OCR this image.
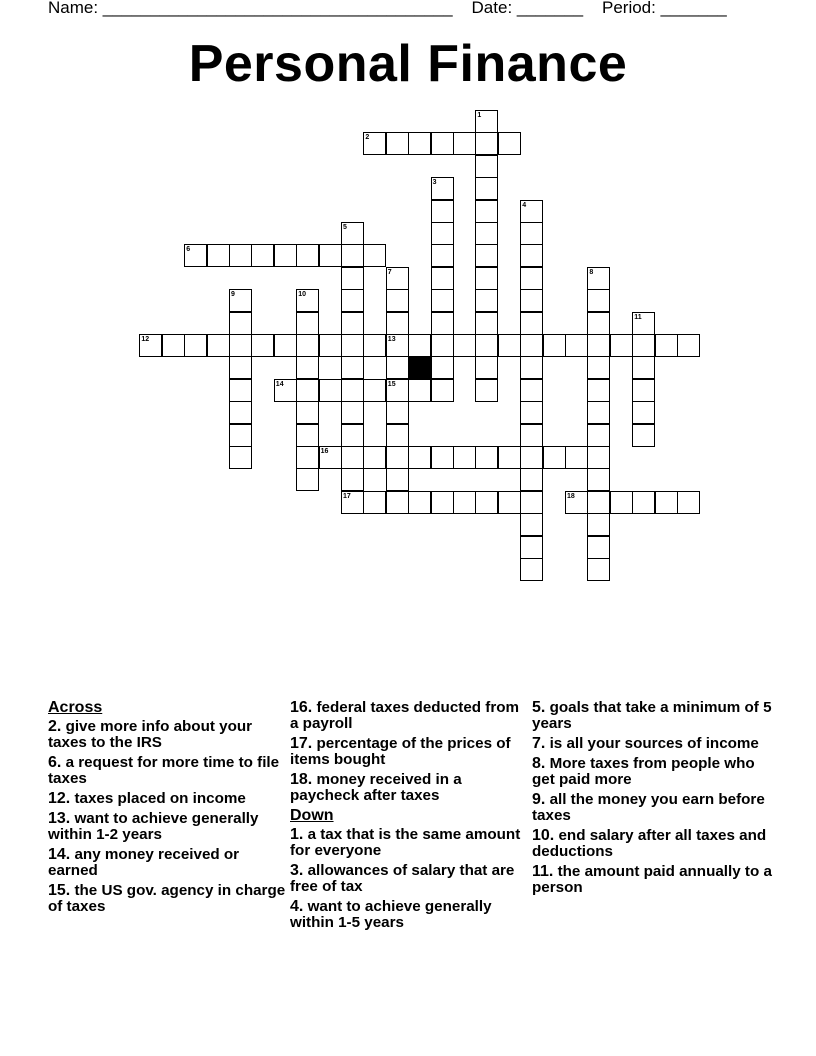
Name: _____________________________________ Date: _______ Period: _______
Personal Finance
1
2
3
4
5
17
6
7
13
15
8
9	10
11
12
14
16
18
Across
2. give more info about your taxes to the IRS
6. a request for more time to file taxes
12. taxes placed on income
13. want to achieve generally within 1-2 years
14. any money received or earned
15. the US gov. agency in charge of taxes
16. federal taxes deducted from a payroll
17. percentage of the prices of items bought
18. money received in a paycheck after taxes
Down
1. a tax that is the same amount for everyone
3. allowances of salary that are free of tax
4. want to achieve generally within 1-5 years
5. goals that take a minimum of 5 years
7. is all your sources of income
8. More taxes from people who get paid more
9. all the money you earn before taxes
10. end salary after all taxes and deductions
11. the amount paid annually to a person
